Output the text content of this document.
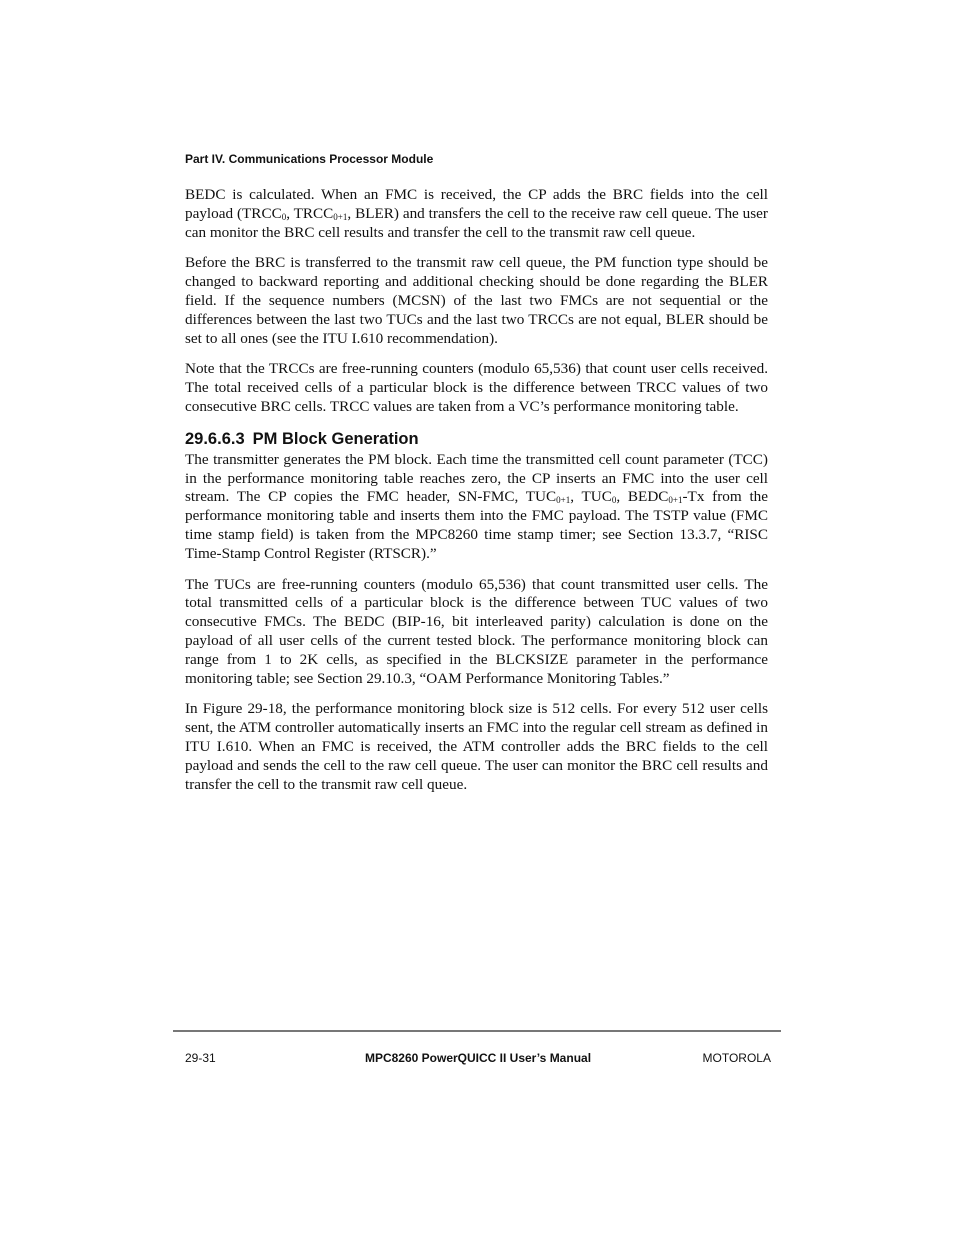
Part IV. Communications Processor Module

BEDC is calculated. When an FMC is received, the CP adds the BRC fields into the cell payload ($TRCC_0$, $TRCC_{0+1}$, BLER) and transfers the cell to the receive raw cell queue. The user can monitor the BRC cell results and transfer the cell to the transmit raw cell queue.

Before the BRC is transferred to the transmit raw cell queue, the PM function type should be changed to backward reporting and additional checking should be done regarding the BLER field. If the sequence numbers (MCSN) of the last two FMCs are not sequential or the differences between the last two TUCs and the last two TRCCs are not equal, BLER should be set to all ones (see the ITU I.610 recommendation).

Note that the TRCCs are free-running counters (modulo 65,536) that count user cells received. The total received cells of a particular block is the difference between TRCC values of two consecutive BRC cells. TRCC values are taken from a VC’s performance monitoring table.

29.6.6.3 PM Block Generation

The transmitter generates the PM block. Each time the transmitted cell count parameter (TCC) in the performance monitoring table reaches zero, the CP inserts an FMC into the user cell stream. The CP copies the FMC header, SN-FMC, $TUC_{0+1}$, $TUC_0$, $BEDC_{0+1}-Tx$ from the performance monitoring table and inserts them into the FMC payload. The TSTP value (FMC time stamp field) is taken from the MPC8260 time stamp timer; see Section 13.3.7, “RISC Time-Stamp Control Register (RTSCR).”

The TUCs are free-running counters (modulo 65,536) that count transmitted user cells. The total transmitted cells of a particular block is the difference between TUC values of two consecutive FMCs. The BEDC (BIP-16, bit interleaved parity) calculation is done on the payload of all user cells of the current tested block. The performance monitoring block can range from 1 to 2K cells, as specified in the BLCKSIZE parameter in the performance monitoring table; see Section 29.10.3, “OAM Performance Monitoring Tables.”

In Figure 29-18, the performance monitoring block size is 512 cells. For every 512 user cells sent, the ATM controller automatically inserts an FMC into the regular cell stream as defined in ITU I.610. When an FMC is received, the ATM controller adds the BRC fields to the cell payload and sends the cell to the raw cell queue. The user can monitor the BRC cell results and transfer the cell to the transmit raw cell queue.

29-31	MPC8260 PowerQUICC II User’s Manual	MOTOROLA
